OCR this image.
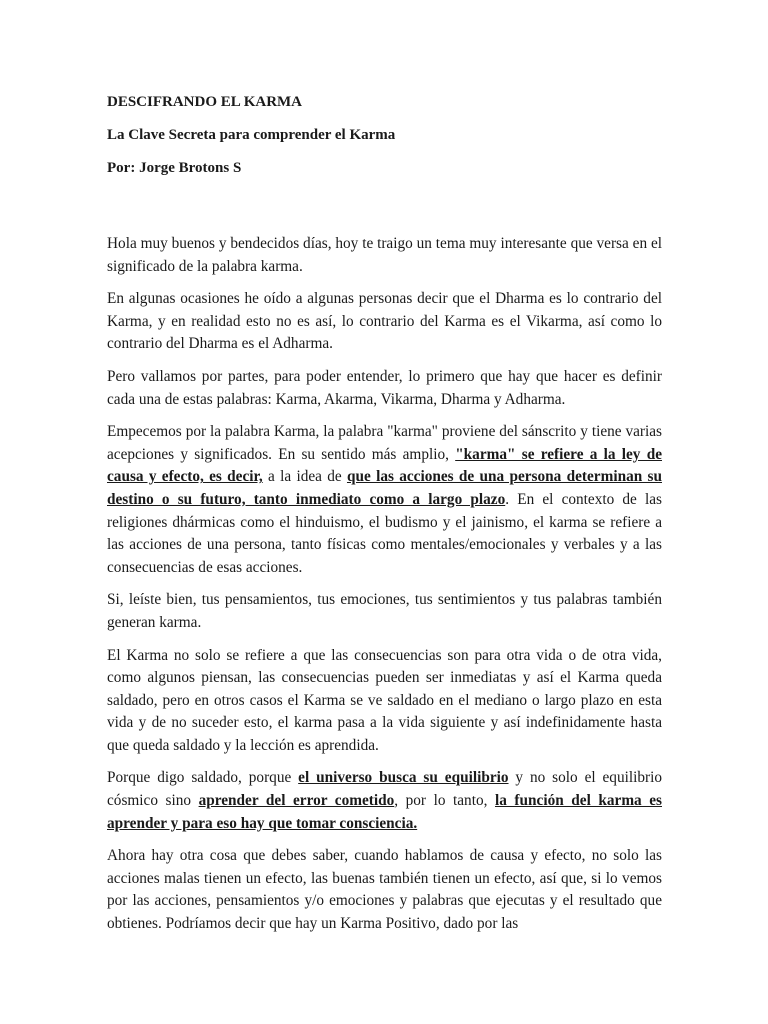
DESCIFRANDO EL KARMA

La Clave Secreta para comprender el Karma

Por: Jorge Brotons S

Hola muy buenos y bendecidos días, hoy te traigo un tema muy interesante que versa en el significado de la palabra karma.

En algunas ocasiones he oído a algunas personas decir que el Dharma es lo contrario del Karma, y en realidad esto no es así, lo contrario del Karma es el Vikarma, así como lo contrario del Dharma es el Adharma.

Pero vallamos por partes, para poder entender, lo primero que hay que hacer es definir cada una de estas palabras: Karma, Akarma, Vikarma, Dharma y Adharma.

Empecemos por la palabra Karma, la palabra "karma" proviene del sánscrito y tiene varias acepciones y significados. En su sentido más amplio, "karma" se refiere a la ley de causa y efecto, es decir, a la idea de que las acciones de una persona determinan su destino o su futuro, tanto inmediato como a largo plazo. En el contexto de las religiones dhármicas como el hinduismo, el budismo y el jainismo, el karma se refiere a las acciones de una persona, tanto físicas como mentales/emocionales y verbales y a las consecuencias de esas acciones.

Si, leíste bien, tus pensamientos, tus emociones, tus sentimientos y tus palabras también generan karma.

El Karma no solo se refiere a que las consecuencias son para otra vida o de otra vida, como algunos piensan, las consecuencias pueden ser inmediatas y así el Karma queda saldado, pero en otros casos el Karma se ve saldado en el mediano o largo plazo en esta vida y de no suceder esto, el karma pasa a la vida siguiente y así indefinidamente hasta que queda saldado y la lección es aprendida.

Porque digo saldado, porque el universo busca su equilibrio y no solo el equilibrio cósmico sino aprender del error cometido, por lo tanto, la función del karma es aprender y para eso hay que tomar consciencia.

Ahora hay otra cosa que debes saber, cuando hablamos de causa y efecto, no solo las acciones malas tienen un efecto, las buenas también tienen un efecto, así que, si lo vemos por las acciones, pensamientos y/o emociones y palabras que ejecutas y el resultado que obtienes. Podríamos decir que hay un Karma Positivo, dado por las
